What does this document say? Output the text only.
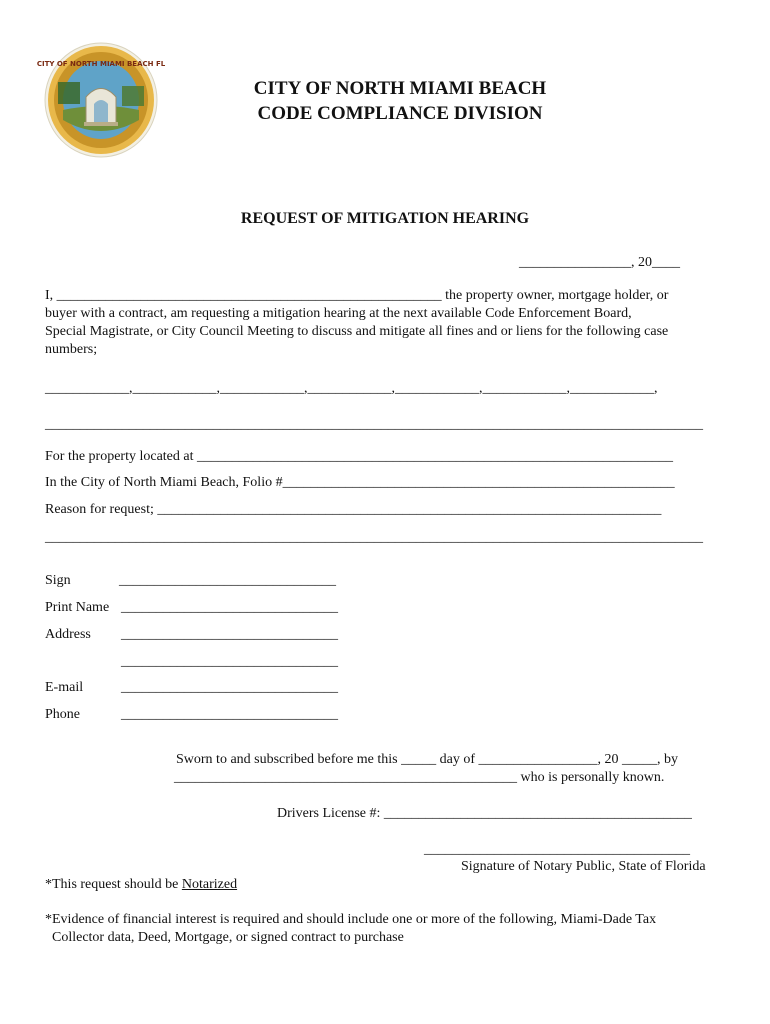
CITY OF NORTH MIAMI BEACH FL
CITY OF NORTH MIAMI BEACH
CODE COMPLIANCE DIVISION
REQUEST OF MITIGATION HEARING
________________, 20____
I, _______________________________________________________ the property owner, mortgage holder, or
buyer with a contract, am requesting a mitigation hearing at the next available Code Enforcement Board,
Special Magistrate, or City Council Meeting to discuss and mitigate all fines and or liens for the following case
numbers;
____________,____________,____________,____________,____________,____________,____________,
______________________________________________________________________________________________
For the property located at ____________________________________________________________________
In the City of North Miami Beach, Folio #________________________________________________________
Reason for request; ________________________________________________________________________
______________________________________________________________________________________________
Sign	_______________________________
Print Name _______________________________
Address _______________________________
_______________________________
E-mail	_______________________________
Phone	_______________________________
Sworn to and subscribed before me this _____ day of _________________, 20 _____, by
_________________________________________________ who is personally known.
Drivers License #: ____________________________________________
______________________________________
Signature of Notary Public, State of Florida
*This request should be Notarized
*Evidence of financial interest is required and should include one or more of the following, Miami-Dade Tax
Collector data, Deed, Mortgage, or signed contract to purchase
